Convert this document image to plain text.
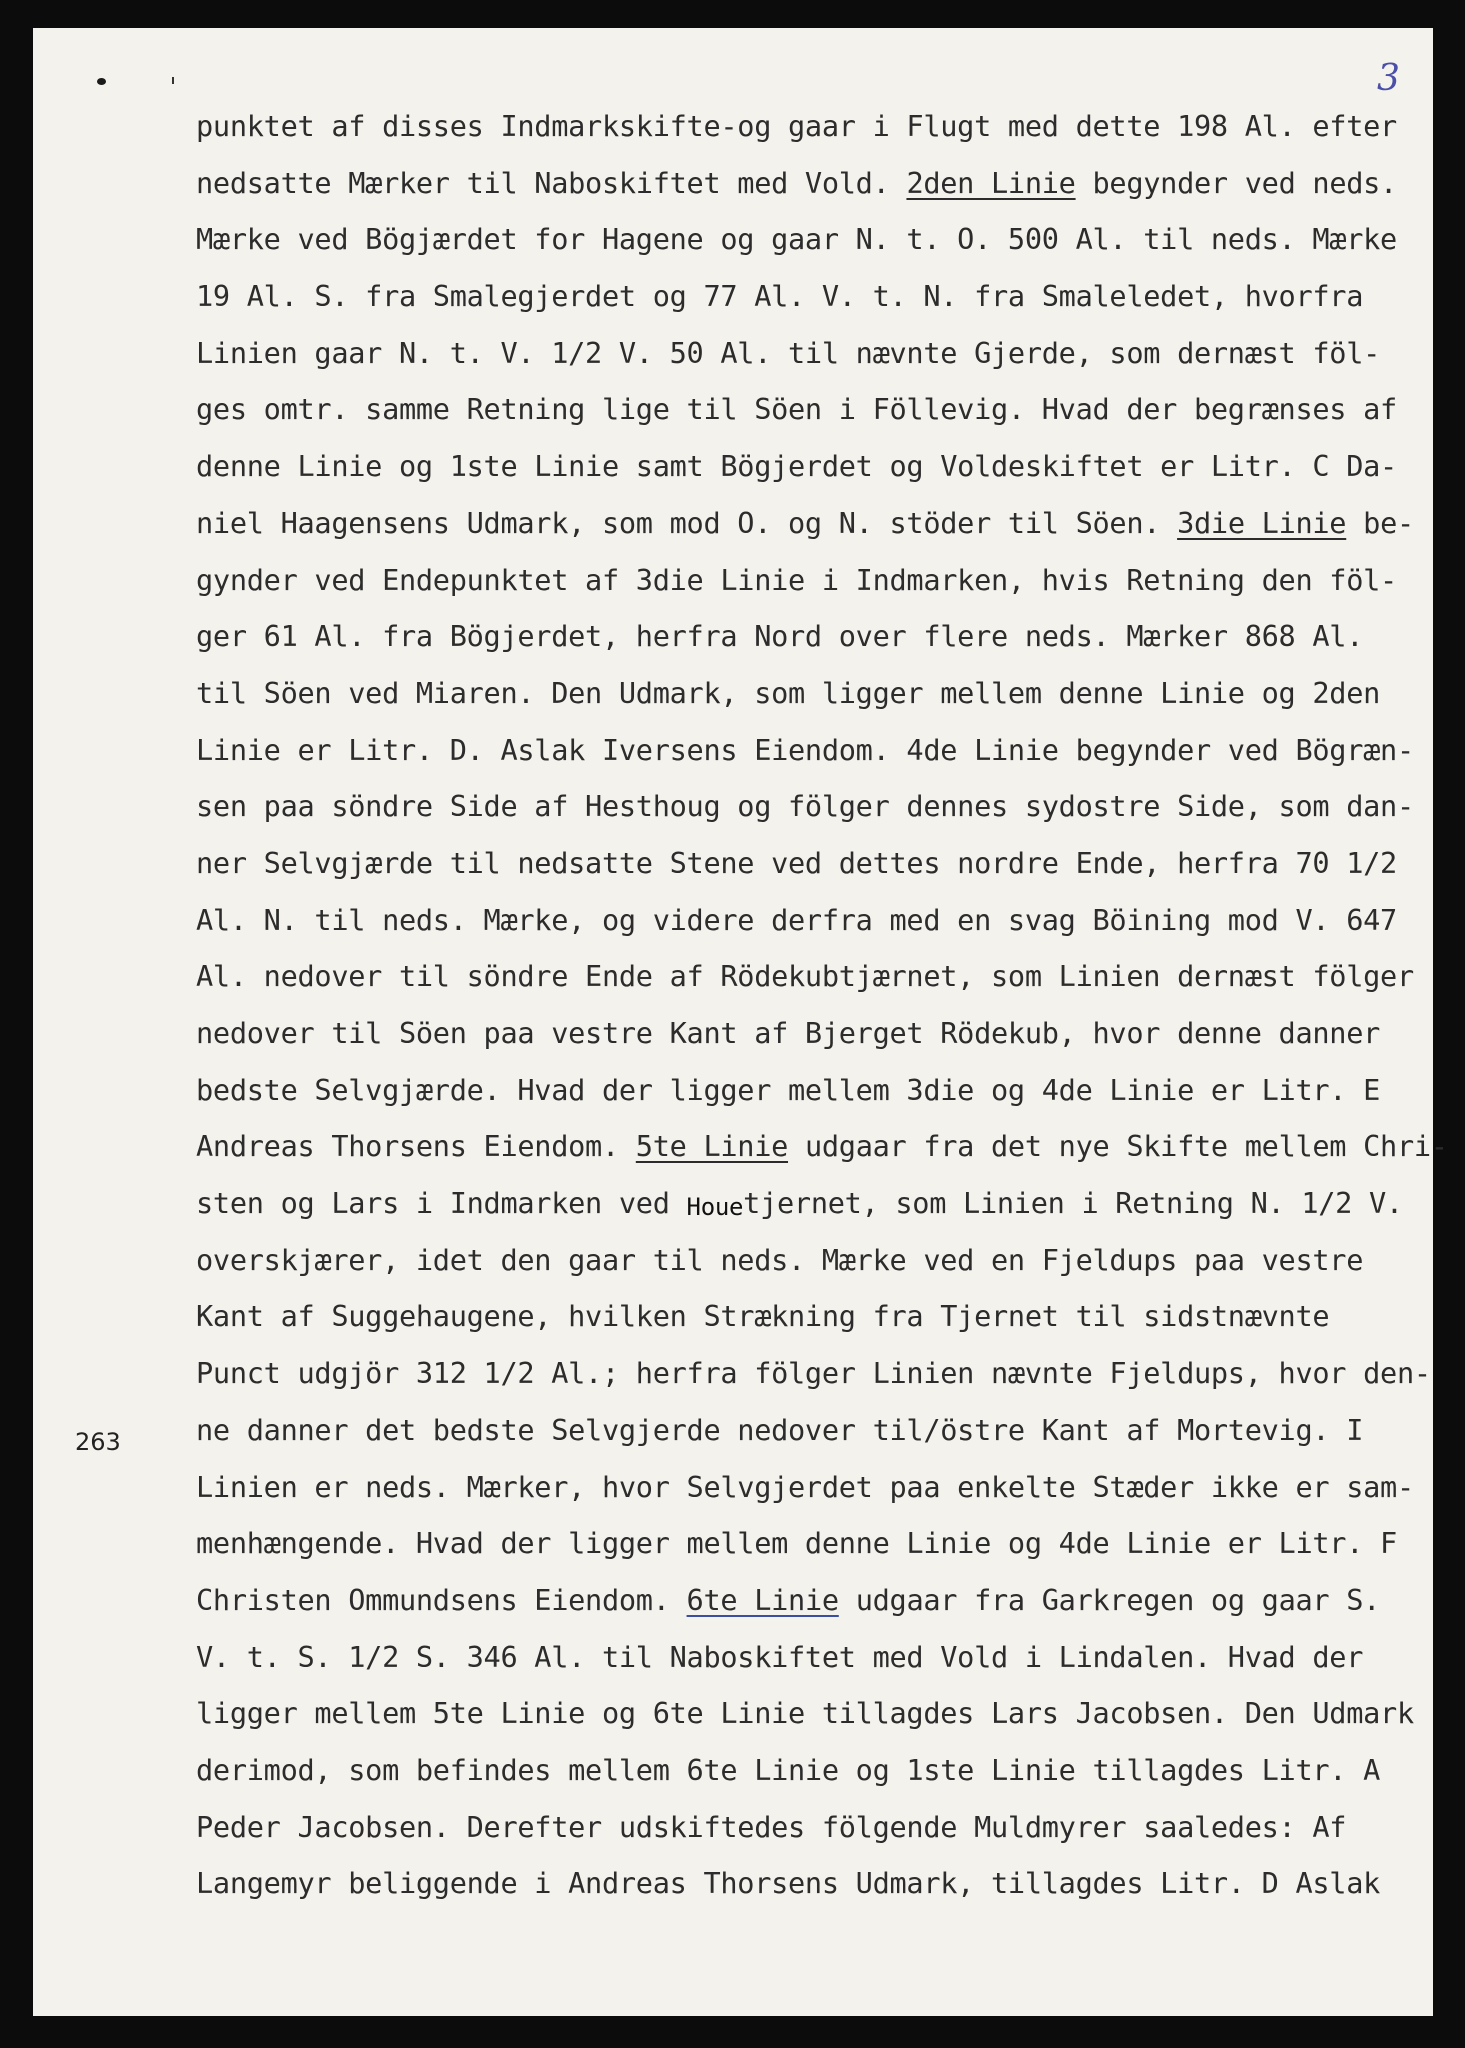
3
263
punktet af disses Indmarkskifte-og gaar i Flugt med dette 198 Al. efter
nedsatte Mærker til Naboskiftet med Vold. 2den Linie begynder ved neds.
Mærke ved Bögjærdet for Hagene og gaar N. t. O. 500 Al. til neds. Mærke
19 Al. S. fra Smalegjerdet og 77 Al. V. t. N. fra Smaleledet, hvorfra
Linien gaar N. t. V. 1/2 V. 50 Al. til nævnte Gjerde, som dernæst föl-
ges omtr. samme Retning lige til Söen i Föllevig. Hvad der begrænses af
denne Linie og 1ste Linie samt Bögjerdet og Voldeskiftet er Litr. C Da-
niel Haagensens Udmark, som mod O. og N. stöder til Söen. 3die Linie be-
gynder ved Endepunktet af 3die Linie i Indmarken, hvis Retning den föl-
ger 61 Al. fra Bögjerdet, herfra Nord over flere neds. Mærker 868 Al.
til Söen ved Miaren. Den Udmark, som ligger mellem denne Linie og 2den
Linie er Litr. D. Aslak Iversens Eiendom. 4de Linie begynder ved Bögræn-
sen paa söndre Side af Hesthoug og fölger dennes sydostre Side, som dan-
ner Selvgjærde til nedsatte Stene ved dettes nordre Ende, herfra 70 1/2
Al. N. til neds. Mærke, og videre derfra med en svag Böining mod V. 647
Al. nedover til söndre Ende af Rödekubtjærnet, som Linien dernæst fölger
nedover til Söen paa vestre Kant af Bjerget Rödekub, hvor denne danner
bedste Selvgjærde. Hvad der ligger mellem 3die og 4de Linie er Litr. E
Andreas Thorsens Eiendom. 5te Linie udgaar fra det nye Skifte mellem Chri-
sten og Lars i Indmarken ved Houetjernet, som Linien i Retning N. 1/2 V.
overskjærer, idet den gaar til neds. Mærke ved en Fjeldups paa vestre
Kant af Suggehaugene, hvilken Strækning fra Tjernet til sidstnævnte
Punct udgjör 312 1/2 Al.; herfra fölger Linien nævnte Fjeldups, hvor den-
ne danner det bedste Selvgjerde nedover til/östre Kant af Mortevig. I
Linien er neds. Mærker, hvor Selvgjerdet paa enkelte Stæder ikke er sam-
menhængende. Hvad der ligger mellem denne Linie og 4de Linie er Litr. F
Christen Ommundsens Eiendom. 6te Linie udgaar fra Garkregen og gaar S.
V. t. S. 1/2 S. 346 Al. til Naboskiftet med Vold i Lindalen. Hvad der
ligger mellem 5te Linie og 6te Linie tillagdes Lars Jacobsen. Den Udmark
derimod, som befindes mellem 6te Linie og 1ste Linie tillagdes Litr. A
Peder Jacobsen. Derefter udskiftedes fölgende Muldmyrer saaledes: Af
Langemyr beliggende i Andreas Thorsens Udmark, tillagdes Litr. D Aslak
